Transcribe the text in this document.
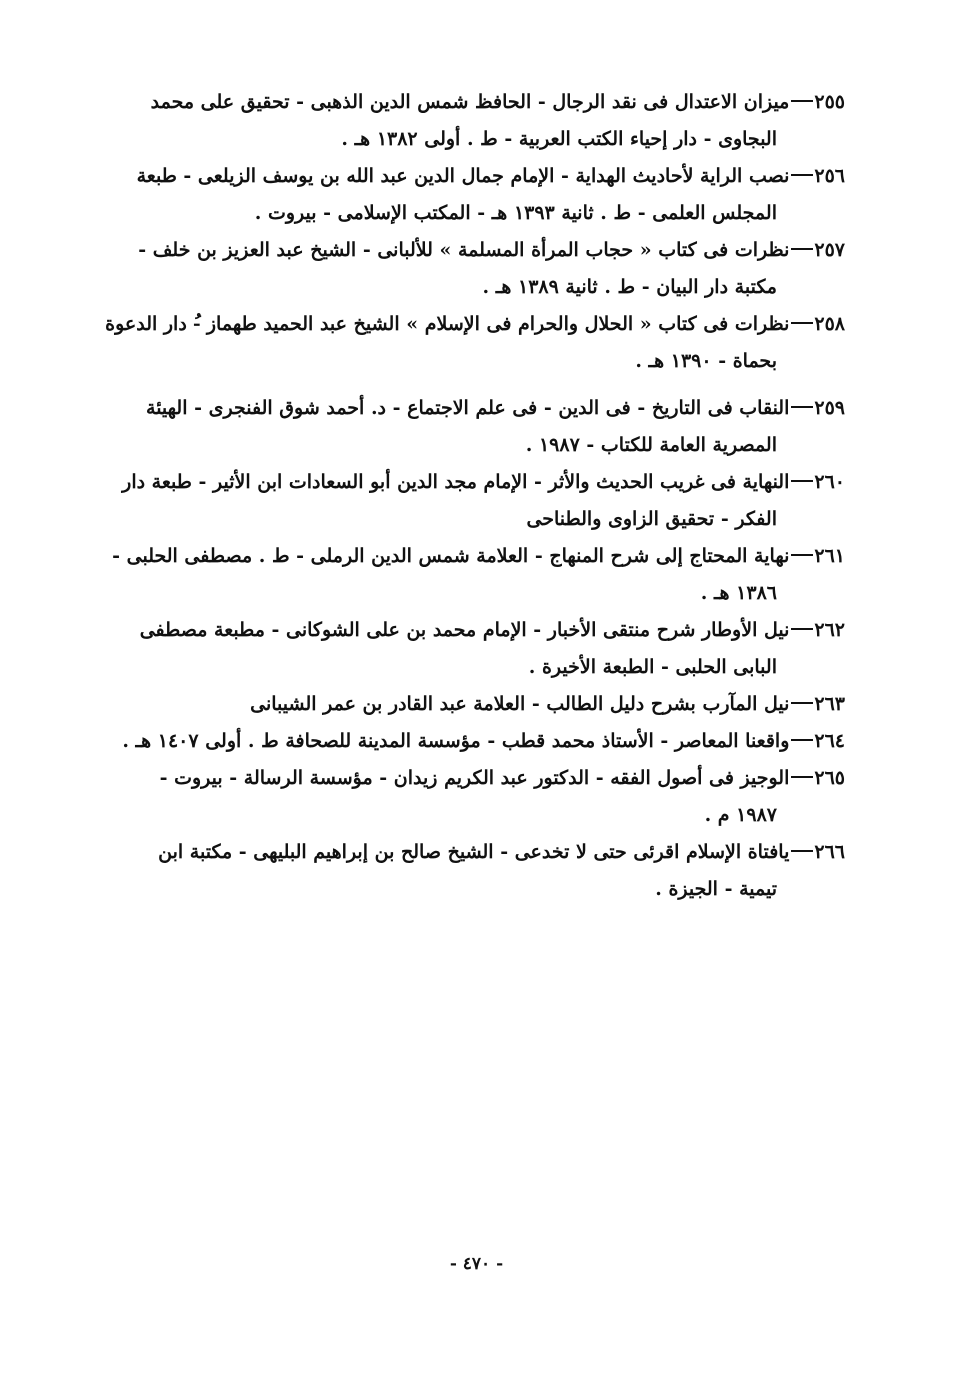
٢٥٥ميزان الاعتدال فى نقد الرجال - الحافظ شمس الدين الذهبى - تحقيق على محمد
البجاوى - دار إحياء الكتب العربية - ط . أولى ١٣٨٢ هـ .
٢٥٦نصب الراية لأحاديث الهداية - الإمام جمال الدين عبد الله بن يوسف الزيلعى - طبعة
المجلس العلمى - ط . ثانية ١٣٩٣ هـ - المكتب الإسلامى - بيروت .
٢٥٧نظرات فى كتاب « حجاب المرأة المسلمة » للألبانى - الشيخ عبد العزيز بن خلف -
مكتبة دار البيان - ط . ثانية ١٣٨٩ هـ .
٢٥٨نظرات فى كتاب « الحلال والحرام فى الإسلام » الشيخ عبد الحميد طهماز -ُ دار الدعوة
بحماة - ١٣٩٠ هـ .
٢٥٩النقاب فى التاريخ - فى الدين - فى علم الاجتماع - د. أحمد شوق الفنجرى - الهيئة
المصرية العامة للكتاب - ١٩٨٧ .
٢٦٠النهاية فى غريب الحديث والأثر - الإمام مجد الدين أبو السعادات ابن الأثير - طبعة دار
الفكر - تحقيق الزاوى والطناحى
٢٦١نهاية المحتاج إلى شرح المنهاج - العلامة شمس الدين الرملى - ط . مصطفى الحلبى -
١٣٨٦ هـ .
٢٦٢نيل الأوطار شرح منتقى الأخبار - الإمام محمد بن على الشوكانى - مطبعة مصطفى
البابى الحلبى - الطبعة الأخيرة .
٢٦٣نيل المآرب بشرح دليل الطالب - العلامة عبد القادر بن عمر الشيبانى
٢٦٤واقعنا المعاصر - الأستاذ محمد قطب - مؤسسة المدينة للصحافة ط . أولى ١٤٠٧ هـ .
٢٦٥الوجيز فى أصول الفقه - الدكتور عبد الكريم زيدان - مؤسسة الرسالة - بيروت -
١٩٨٧ م .
٢٦٦يافتاة الإسلام اقرئى حتى لا تخدعى - الشيخ صالح بن إبراهيم البليهى - مكتبة ابن
تيمية - الجيزة .
- ٤٧٠ -
